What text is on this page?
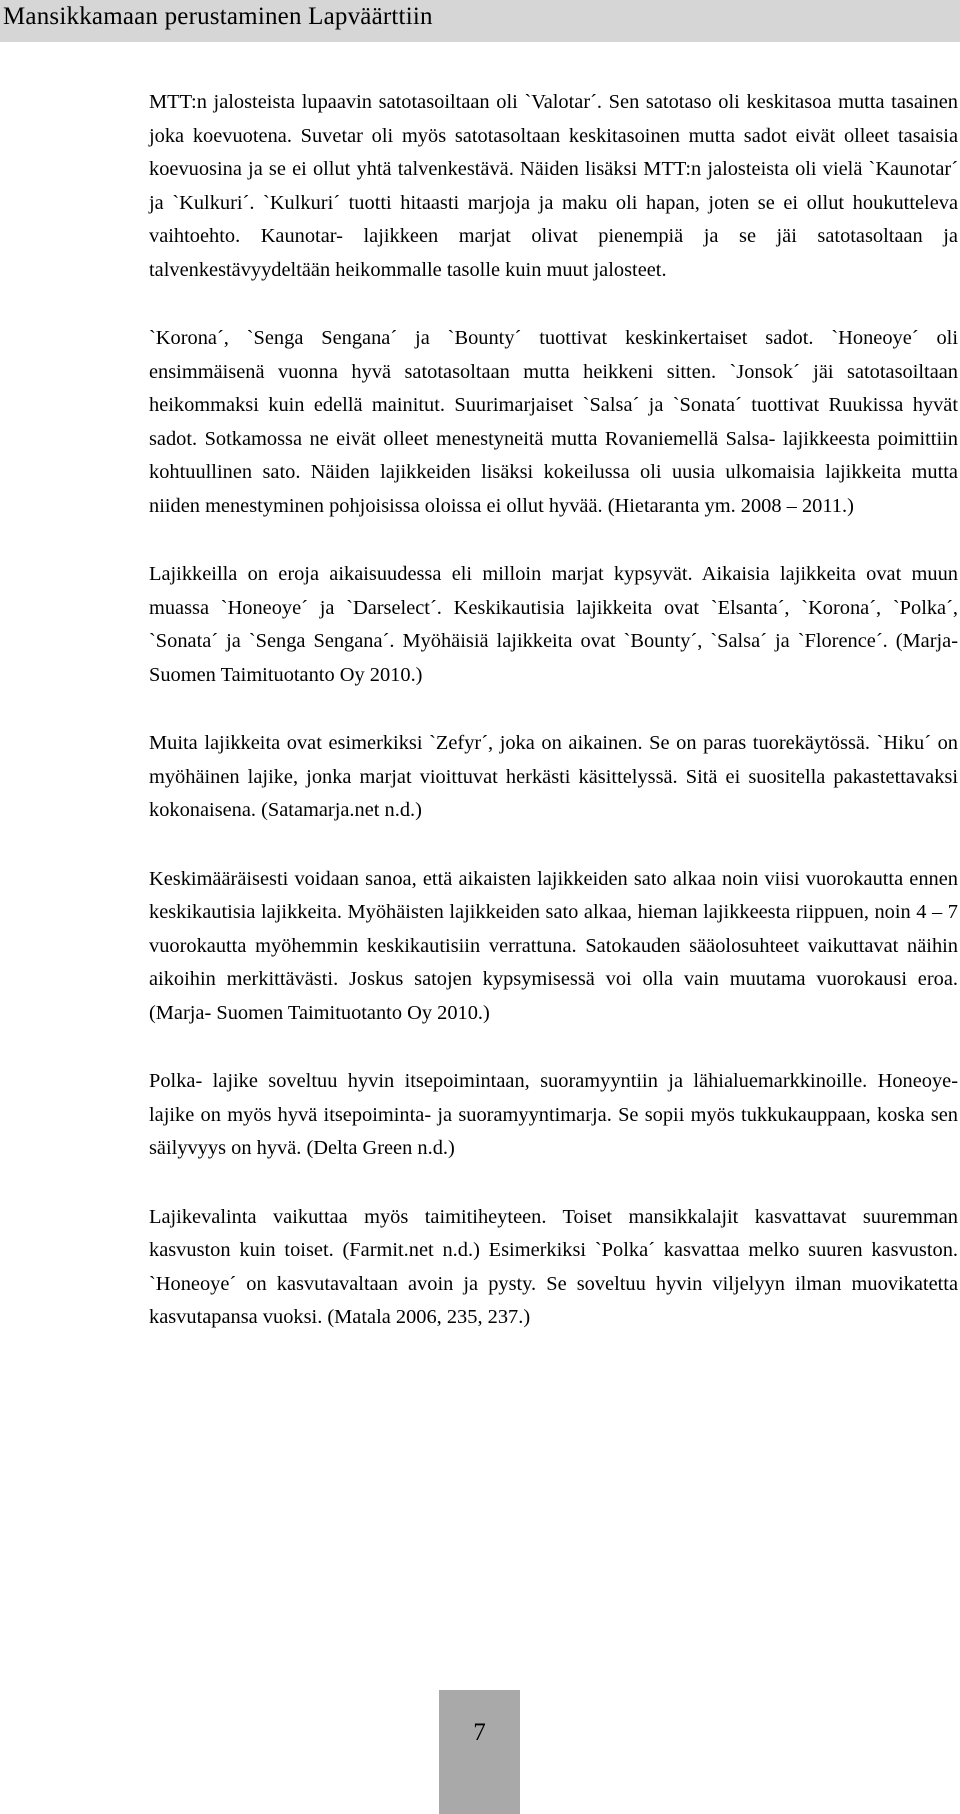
Mansikkamaan perustaminen Lapväärttiin

MTT:n jalosteista lupaavin satotasoiltaan oli `Valotar´. Sen satotaso oli keskitasoa mutta tasainen joka koevuotena. Suvetar oli myös satotasoltaan keskitasoinen mutta sadot eivät olleet tasaisia koevuosina ja se ei ollut yhtä talvenkestävä. Näiden lisäksi MTT:n jalosteista oli vielä `Kaunotar´ ja `Kulkuri´. `Kulkuri´ tuotti hitaasti marjoja ja maku oli hapan, joten se ei ollut houkutteleva vaihtoehto. Kaunotar- lajikkeen marjat olivat pienempiä ja se jäi satotasoltaan ja talvenkestävyydeltään heikommalle tasolle kuin muut jalosteet.

`Korona´, `Senga Sengana´ ja `Bounty´ tuottivat keskinkertaiset sadot. `Honeoye´ oli ensimmäisenä vuonna hyvä satotasoltaan mutta heikkeni sitten. `Jonsok´ jäi satotasoiltaan heikommaksi kuin edellä mainitut. Suurimarjaiset `Salsa´ ja `Sonata´ tuottivat Ruukissa hyvät sadot. Sotkamossa ne eivät olleet menestyneitä mutta Rovaniemellä Salsa- lajikkeesta poimittiin kohtuullinen sato. Näiden lajikkeiden lisäksi kokeilussa oli uusia ulkomaisia lajikkeita mutta niiden menestyminen pohjoisissa oloissa ei ollut hyvää. (Hietaranta ym. 2008 – 2011.)

Lajikkeilla on eroja aikaisuudessa eli milloin marjat kypsyvät. Aikaisia lajikkeita ovat muun muassa `Honeoye´ ja `Darselect´. Keskikautisia lajikkeita ovat `Elsanta´, `Korona´, `Polka´, `Sonata´ ja `Senga Sengana´. Myöhäisiä lajikkeita ovat `Bounty´, `Salsa´ ja `Florence´. (Marja- Suomen Taimituotanto Oy 2010.)

Muita lajikkeita ovat esimerkiksi `Zefyr´, joka on aikainen. Se on paras tuorekäytössä. `Hiku´ on myöhäinen lajike, jonka marjat vioittuvat herkästi käsittelyssä. Sitä ei suositella pakastettavaksi kokonaisena. (Satamarja.net n.d.)

Keskimääräisesti voidaan sanoa, että aikaisten lajikkeiden sato alkaa noin viisi vuorokautta ennen keskikautisia lajikkeita. Myöhäisten lajikkeiden sato alkaa, hieman lajikkeesta riippuen, noin 4 – 7 vuorokautta myöhemmin keskikautisiin verrattuna. Satokauden sääolosuhteet vaikuttavat näihin aikoihin merkittävästi. Joskus satojen kypsymisessä voi olla vain muutama vuorokausi eroa. (Marja- Suomen Taimituotanto Oy 2010.)

Polka- lajike soveltuu hyvin itsepoimintaan, suoramyyntiin ja lähialuemarkkinoille. Honeoye- lajike on myös hyvä itsepoiminta- ja suoramyyntimarja. Se sopii myös tukkukauppaan, koska sen säilyvyys on hyvä. (Delta Green n.d.)

Lajikevalinta vaikuttaa myös taimitiheyteen. Toiset mansikkalajit kasvattavat suuremman kasvuston kuin toiset. (Farmit.net n.d.) Esimerkiksi `Polka´ kasvattaa melko suuren kasvuston. `Honeoye´ on kasvutavaltaan avoin ja pysty. Se soveltuu hyvin viljelyyn ilman muovikatetta kasvutapansa vuoksi. (Matala 2006, 235, 237.)

7
